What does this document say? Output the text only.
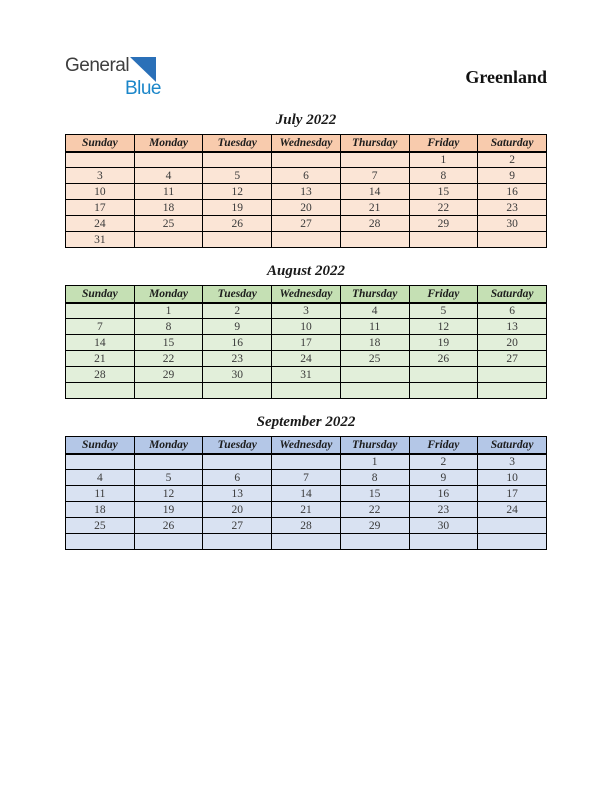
General
Blue
Greenland
July 2022
Sunday	Monday	Tuesday	Wednesday	Thursday	Friday	Saturday
					1	2
3	4	5	6	7	8	9
10	11	12	13	14	15	16
17	18	19	20	21	22	23
24	25	26	27	28	29	30
31						
August 2022
Sunday	Monday	Tuesday	Wednesday	Thursday	Friday	Saturday
	1	2	3	4	5	6
7	8	9	10	11	12	13
14	15	16	17	18	19	20
21	22	23	24	25	26	27
28	29	30	31			

September 2022
Sunday	Monday	Tuesday	Wednesday	Thursday	Friday	Saturday
				1	2	3
4	5	6	7	8	9	10
11	12	13	14	15	16	17
18	19	20	21	22	23	24
25	26	27	28	29	30	
